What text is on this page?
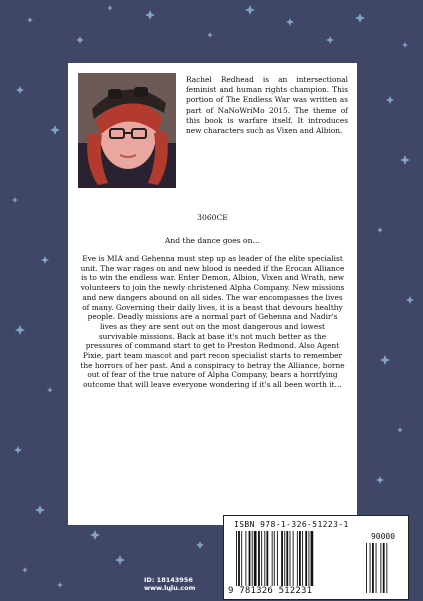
Rachel Redhead is an intersectional feminist and human rights champion. This portion of The Endless War was written as part of NaNoWriMo 2015. The theme of this book is warfare itself. It introduces new characters such as Vixen and Albion.
3060CE
And the dance goes on…
Eve is MIA and Gehenna must step up as leader of the elite specialist unit. The war rages on and new blood is needed if the Erocan Alliance is to win the endless war. Enter Demon, Albion, Vixen and Wrath, new volunteers to join the newly christened Alpha Company. New missions and new dangers abound on all sides. The war encompasses the lives of many. Governing their daily lives, it is a beast that devours healthy people. Deadly missions are a normal part of Gehenna and Nadir's lives as they are sent out on the most dangerous and lowest survivable missions. Back at base it's not much better as the pressures of command start to get to Preston Redmond. Also Agent Pixie, part team mascot and part recon specialist starts to remember the horrors of her past. And a conspiracy to betray the Alliance, borne out of fear of the true nature of Alpha Company, bears a horrifying outcome that will leave everyone wondering if it's all been worth it…
ID: 18143956
www.lulu.com
ISBN 978-1-326-51223-1
90000
9 781326 512231
